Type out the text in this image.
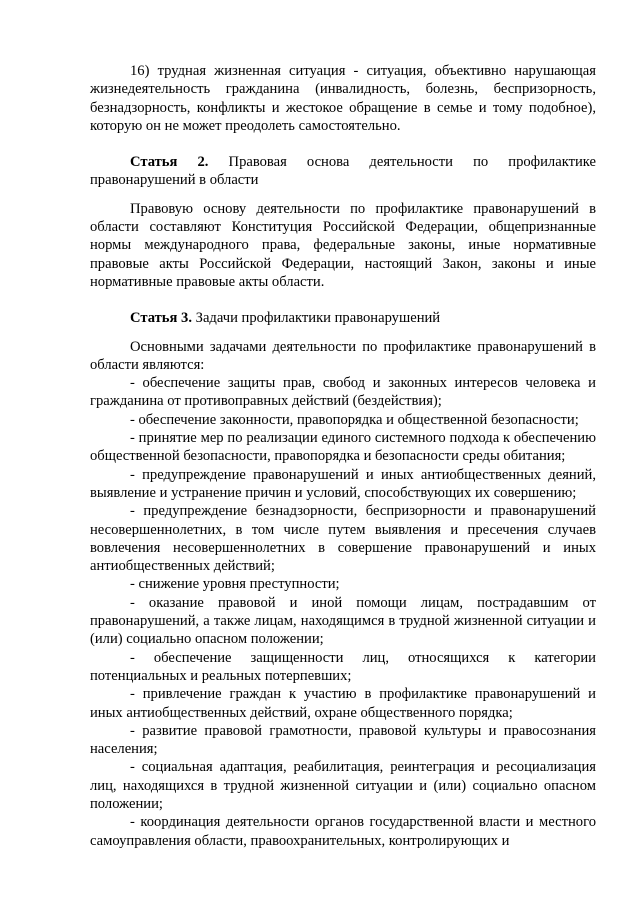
16) трудная жизненная ситуация - ситуация, объективно нарушающая жизнедеятельность гражданина (инвалидность, болезнь, беспризорность, безнадзорность, конфликты и жестокое обращение в семье и тому подобное), которую он не может преодолеть самостоятельно.

Статья 2. Правовая основа деятельности по профилактике правонарушений в области

Правовую основу деятельности по профилактике правонарушений в области составляют Конституция Российской Федерации, общепризнанные нормы международного права, федеральные законы, иные нормативные правовые акты Российской Федерации, настоящий Закон, законы и иные нормативные правовые акты области.

Статья 3. Задачи профилактики правонарушений

Основными задачами деятельности по профилактике правонарушений в области являются:

- обеспечение защиты прав, свобод и законных интересов человека и гражданина от противоправных действий (бездействия);

- обеспечение законности, правопорядка и общественной безопасности;

- принятие мер по реализации единого системного подхода к обеспечению общественной безопасности, правопорядка и безопасности среды обитания;

- предупреждение правонарушений и иных антиобщественных деяний, выявление и устранение причин и условий, способствующих их совершению;

- предупреждение безнадзорности, беспризорности и правонарушений несовершеннолетних, в том числе путем выявления и пресечения случаев вовлечения несовершеннолетних в совершение правонарушений и иных антиобщественных действий;

- снижение уровня преступности;

- оказание правовой и иной помощи лицам, пострадавшим от правонарушений, а также лицам, находящимся в трудной жизненной ситуации и (или) социально опасном положении;

- обеспечение защищенности лиц, относящихся к категории потенциальных и реальных потерпевших;

- привлечение граждан к участию в профилактике правонарушений и иных антиобщественных действий, охране общественного порядка;

- развитие правовой грамотности, правовой культуры и правосознания населения;

- социальная адаптация, реабилитация, реинтеграция и ресоциализация лиц, находящихся в трудной жизненной ситуации и (или) социально опасном положении;

- координация деятельности органов государственной власти и местного самоуправления области, правоохранительных, контролирующих и
